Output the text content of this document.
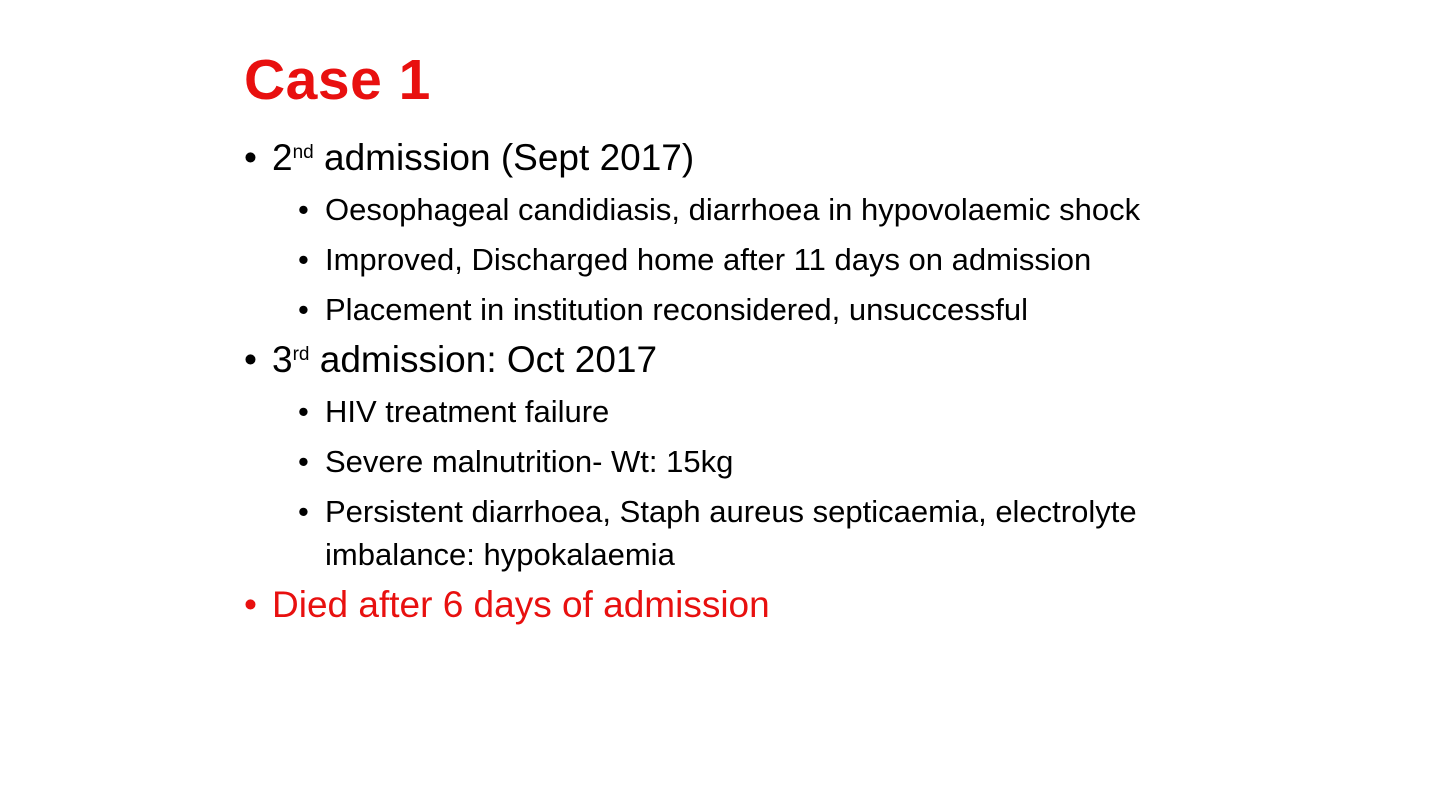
Case 1
• 2nd admission (Sept 2017)
• Oesophageal candidiasis, diarrhoea in hypovolaemic shock
• Improved, Discharged home after 11 days on admission
• Placement in institution reconsidered, unsuccessful
• 3rd admission: Oct 2017
• HIV treatment failure
• Severe malnutrition- Wt: 15kg
• Persistent diarrhoea, Staph aureus septicaemia, electrolyte imbalance: hypokalaemia
• Died after 6 days of admission
